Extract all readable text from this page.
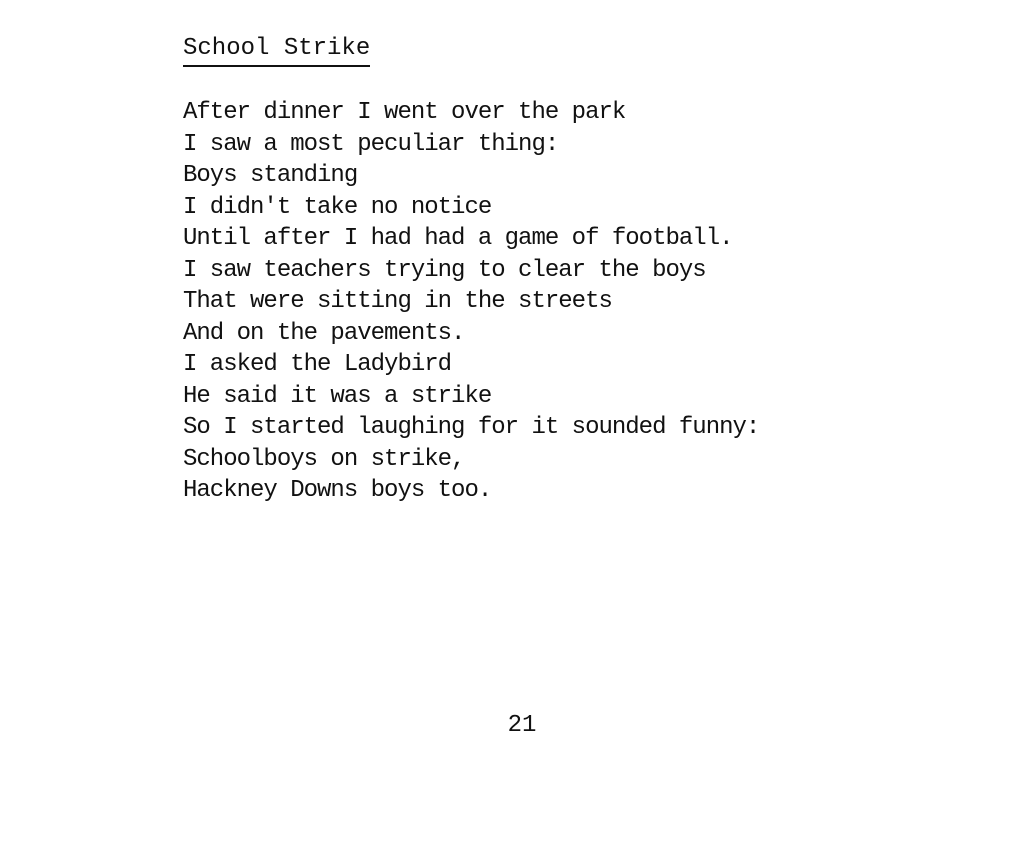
School Strike
After dinner I went over the park
I saw a most peculiar thing:
Boys standing
I didn't take no notice
Until after I had had a game of football.
I saw teachers trying to clear the boys
That were sitting in the streets
And on the pavements.
I asked the Ladybird
He said it was a strike
So I started laughing for it sounded funny:
Schoolboys on strike,
Hackney Downs boys too.
21
